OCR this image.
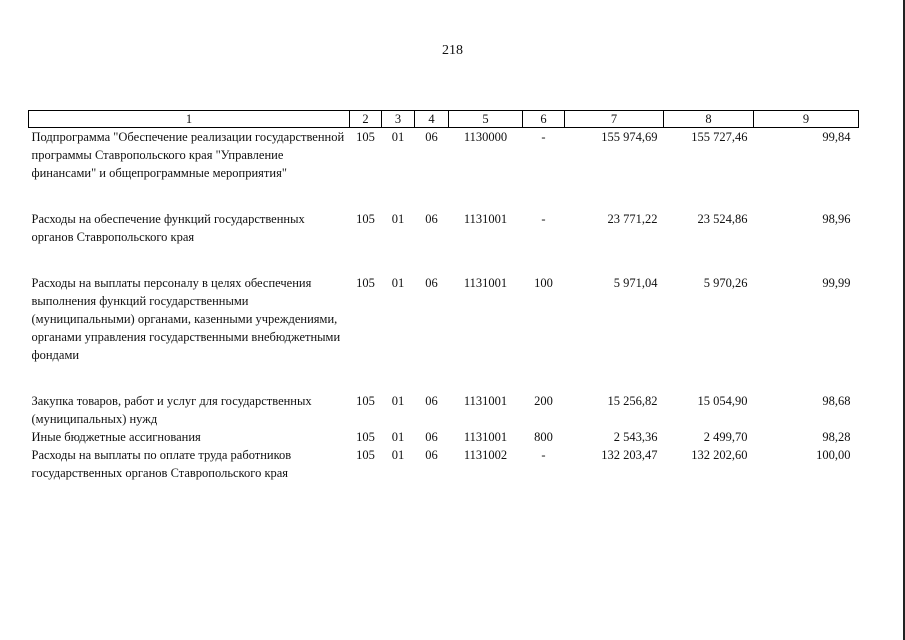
218
1	2	3	4	5	6	7	8	9
Подпрограмма "Обеспечение реализации государственной программы Ставропольского края "Управление финансами" и общепрограммные мероприятия"	105	01	06	1130000	-	155 974,69	155 727,46	99,84
Расходы на обеспечение функций государственных органов Ставропольского края	105	01	06	1131001	-	23 771,22	23 524,86	98,96
Расходы на выплаты персоналу в целях обеспечения выполнения функций государственными (муниципальными) органами, казенными учреждениями, органами управления государственными внебюджетными фондами	105	01	06	1131001	100	5 971,04	5 970,26	99,99
Закупка товаров, работ и услуг для государственных (муниципальных) нужд	105	01	06	1131001	200	15 256,82	15 054,90	98,68
Иные бюджетные ассигнования	105	01	06	1131001	800	2 543,36	2 499,70	98,28
Расходы на выплаты по оплате труда работников государственных органов Ставропольского края	105	01	06	1131002	-	132 203,47	132 202,60	100,00
